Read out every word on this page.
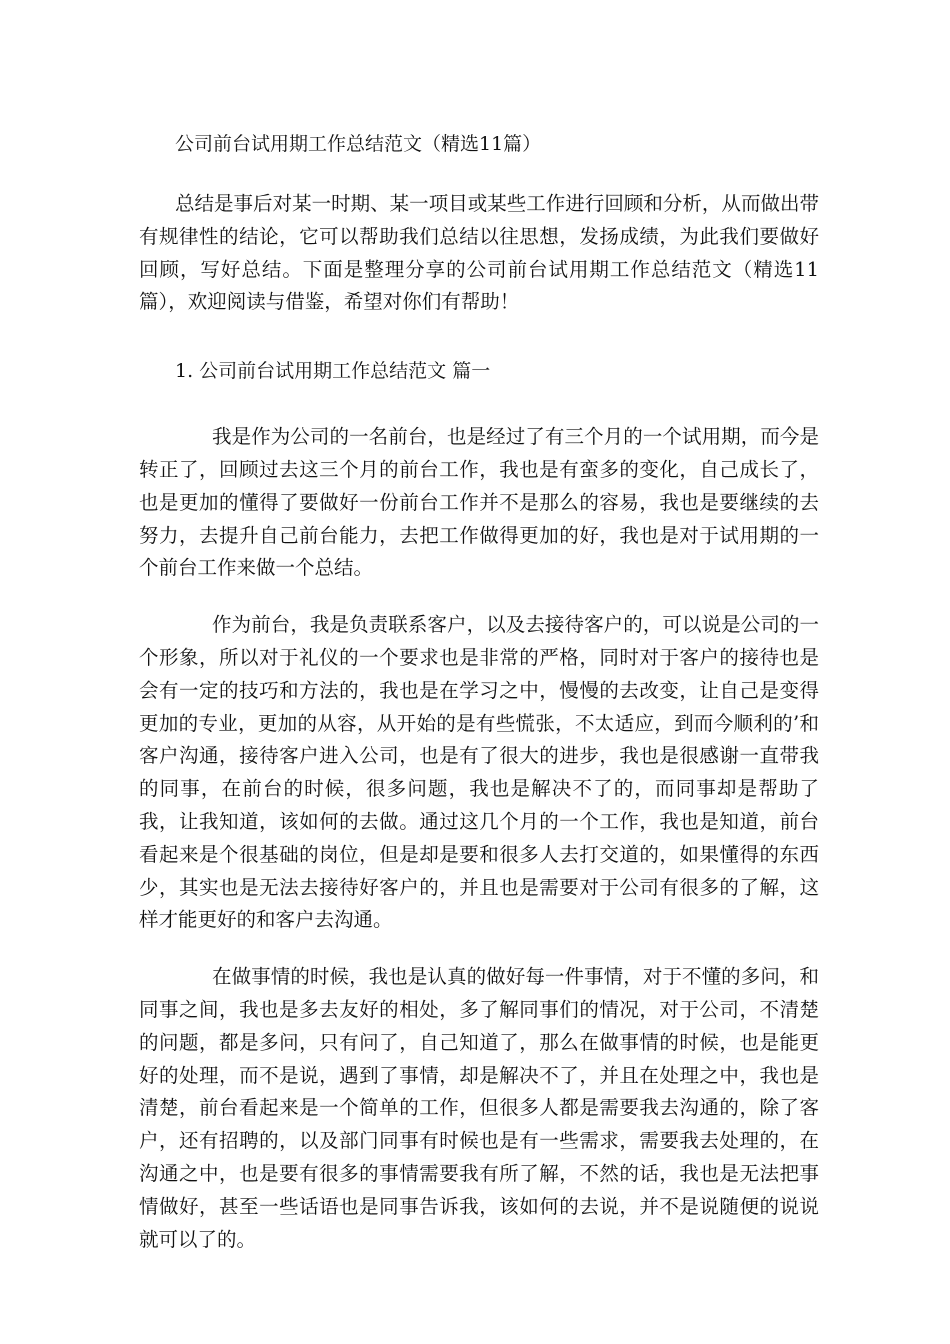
公司前台试用期工作总结范文（精选11篇）

总结是事后对某一时期、某一项目或某些工作进行回顾和分析，从而做出带有规律性的结论，它可以帮助我们总结以往思想，发扬成绩，为此我们要做好回顾，写好总结。下面是整理分享的公司前台试用期工作总结范文（精选11篇），欢迎阅读与借鉴，希望对你们有帮助！

1. 公司前台试用期工作总结范文 篇一

我是作为公司的一名前台，也是经过了有三个月的一个试用期，而今是转正了，回顾过去这三个月的前台工作，我也是有蛮多的变化，自己成长了，也是更加的懂得了要做好一份前台工作并不是那么的容易，我也是要继续的去努力，去提升自己前台能力，去把工作做得更加的好，我也是对于试用期的一个前台工作来做一个总结。

作为前台，我是负责联系客户，以及去接待客户的，可以说是公司的一个形象，所以对于礼仪的一个要求也是非常的严格，同时对于客户的接待也是会有一定的技巧和方法的，我也是在学习之中，慢慢的去改变，让自己是变得更加的专业，更加的从容，从开始的是有些慌张，不太适应，到而今顺利的’和客户沟通，接待客户进入公司，也是有了很大的进步，我也是很感谢一直带我的同事，在前台的时候，很多问题，我也是解决不了的，而同事却是帮助了我，让我知道，该如何的去做。通过这几个月的一个工作，我也是知道，前台看起来是个很基础的岗位，但是却是要和很多人去打交道的，如果懂得的东西少，其实也是无法去接待好客户的，并且也是需要对于公司有很多的了解，这样才能更好的和客户去沟通。

在做事情的时候，我也是认真的做好每一件事情，对于不懂的多问，和同事之间，我也是多去友好的相处，多了解同事们的情况，对于公司，不清楚的问题，都是多问，只有问了，自己知道了，那么在做事情的时候，也是能更好的处理，而不是说，遇到了事情，却是解决不了，并且在处理之中，我也是清楚，前台看起来是一个简单的工作，但很多人都是需要我去沟通的，除了客户，还有招聘的，以及部门同事有时候也是有一些需求，需要我去处理的，在沟通之中，也是要有很多的事情需要我有所了解，不然的话，我也是无法把事情做好，甚至一些话语也是同事告诉我，该如何的去说，并不是说随便的说说就可以了的。
